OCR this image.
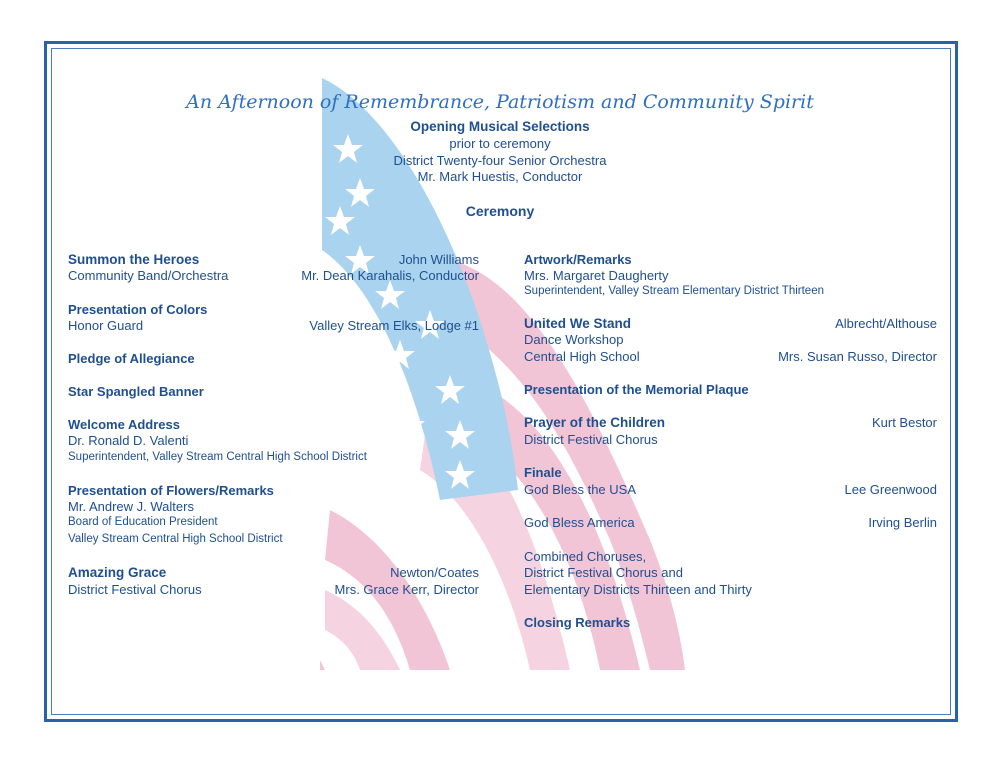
An Afternoon of Remembrance, Patriotism and Community Spirit
Opening Musical Selections
prior to ceremony
District Twenty-four Senior Orchestra
Mr. Mark Huestis, Conductor
Ceremony
Summon the Heroes	John Williams
Community Band/Orchestra	Mr. Dean Karahalis, Conductor
Presentation of Colors
Honor Guard	Valley Stream Elks, Lodge #1
Pledge of Allegiance
Star Spangled Banner
Welcome Address
Dr. Ronald D. Valenti
Superintendent, Valley Stream Central High School District
Presentation of Flowers/Remarks
Mr. Andrew J. Walters
Board of Education President
Valley Stream Central High School District
Amazing Grace	Newton/Coates
District Festival Chorus	Mrs. Grace Kerr, Director
Artwork/Remarks
Mrs. Margaret Daugherty
Superintendent, Valley Stream Elementary District Thirteen
United We Stand	Albrecht/Althouse
Dance Workshop
Central High School	Mrs. Susan Russo, Director
Presentation of the Memorial Plaque
Prayer of the Children	Kurt Bestor
District Festival Chorus
Finale
God Bless the USA	Lee Greenwood
God Bless America	Irving Berlin
Combined Choruses,
District Festival Chorus and
Elementary Districts Thirteen and Thirty
Closing Remarks
